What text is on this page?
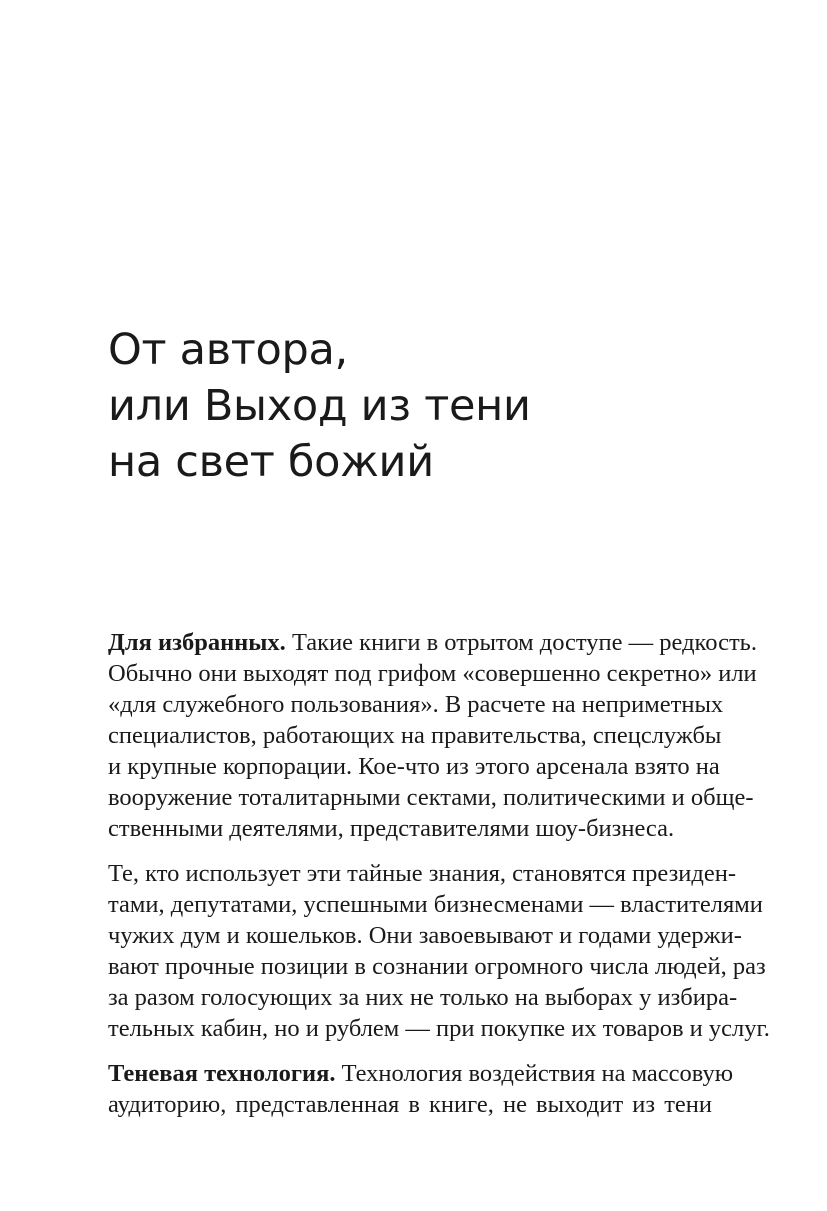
От автора,
или Выход из тени
на свет божий

Для избранных. Такие книги в отрытом доступе — редкость.
Обычно они выходят под грифом «совершенно секретно» или
«для служебного пользования». В расчете на неприметных
специалистов, работающих на правительства, спецслужбы
и крупные корпорации. Кое-что из этого арсенала взято на
вооружение тоталитарными сектами, политическими и обще-
ственными деятелями, представителями шоу-бизнеса.

Те, кто использует эти тайные знания, становятся президен-
тами, депутатами, успешными бизнесменами — властителями
чужих дум и кошельков. Они завоевывают и годами удержи-
вают прочные позиции в сознании огромного числа людей, раз
за разом голосующих за них не только на выборах у избира-
тельных кабин, но и рублем — при покупке их товаров и услуг.

Теневая технология. Технология воздействия на массовую
аудиторию, представленная в книге, не выходит из тени
